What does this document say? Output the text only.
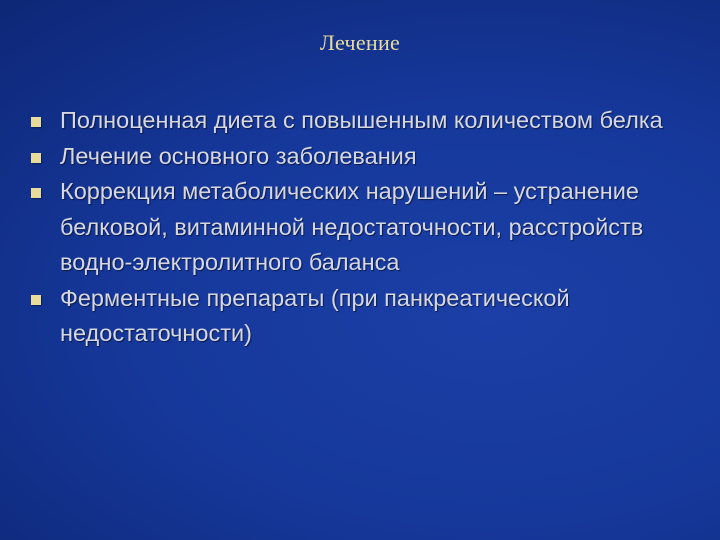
Лечение
Полноценная диета с повышенным количеством белка
Лечение основного заболевания
Коррекция метаболических нарушений – устранение белковой, витаминной недостаточности, расстройств водно-электролитного баланса
Ферментные препараты (при панкреатической недостаточности)
